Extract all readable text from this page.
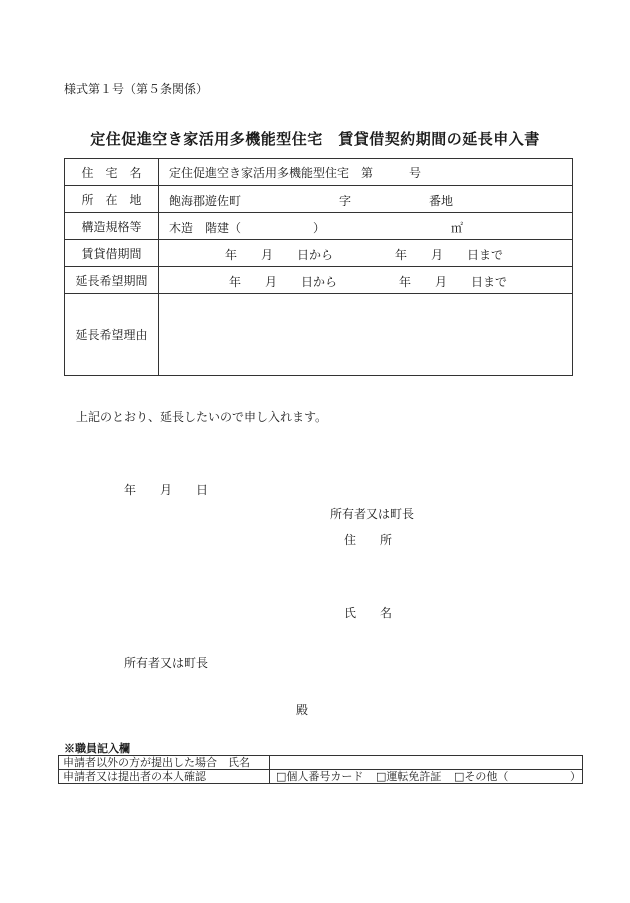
様式第１号（第５条関係）
定住促進空き家活用多機能型住宅　賃貸借契約期間の延長申入書
住　宅　名	定住促進空き家活用多機能型住宅　第　　　号
所　在　地	飽海郡遊佐町 字 番地

構造規格等	木造　階建（　　　　　　） ㎡

賃貸借期間	年　　月　　日から 年　　月　　日まで

延長希望期間	年　　月　　日から 年　　月　　日まで

延長希望理由	
上記のとおり、延長したいので申し入れます。
年　　月　　日
所有者又は町長
住　　所
氏　　名
所有者又は町長
殿
※職員記入欄
申請者以外の方が提出した場合　氏名	
申請者又は提出者の本人確認	□個人番号カード □運転免許証 □その他（ ）
